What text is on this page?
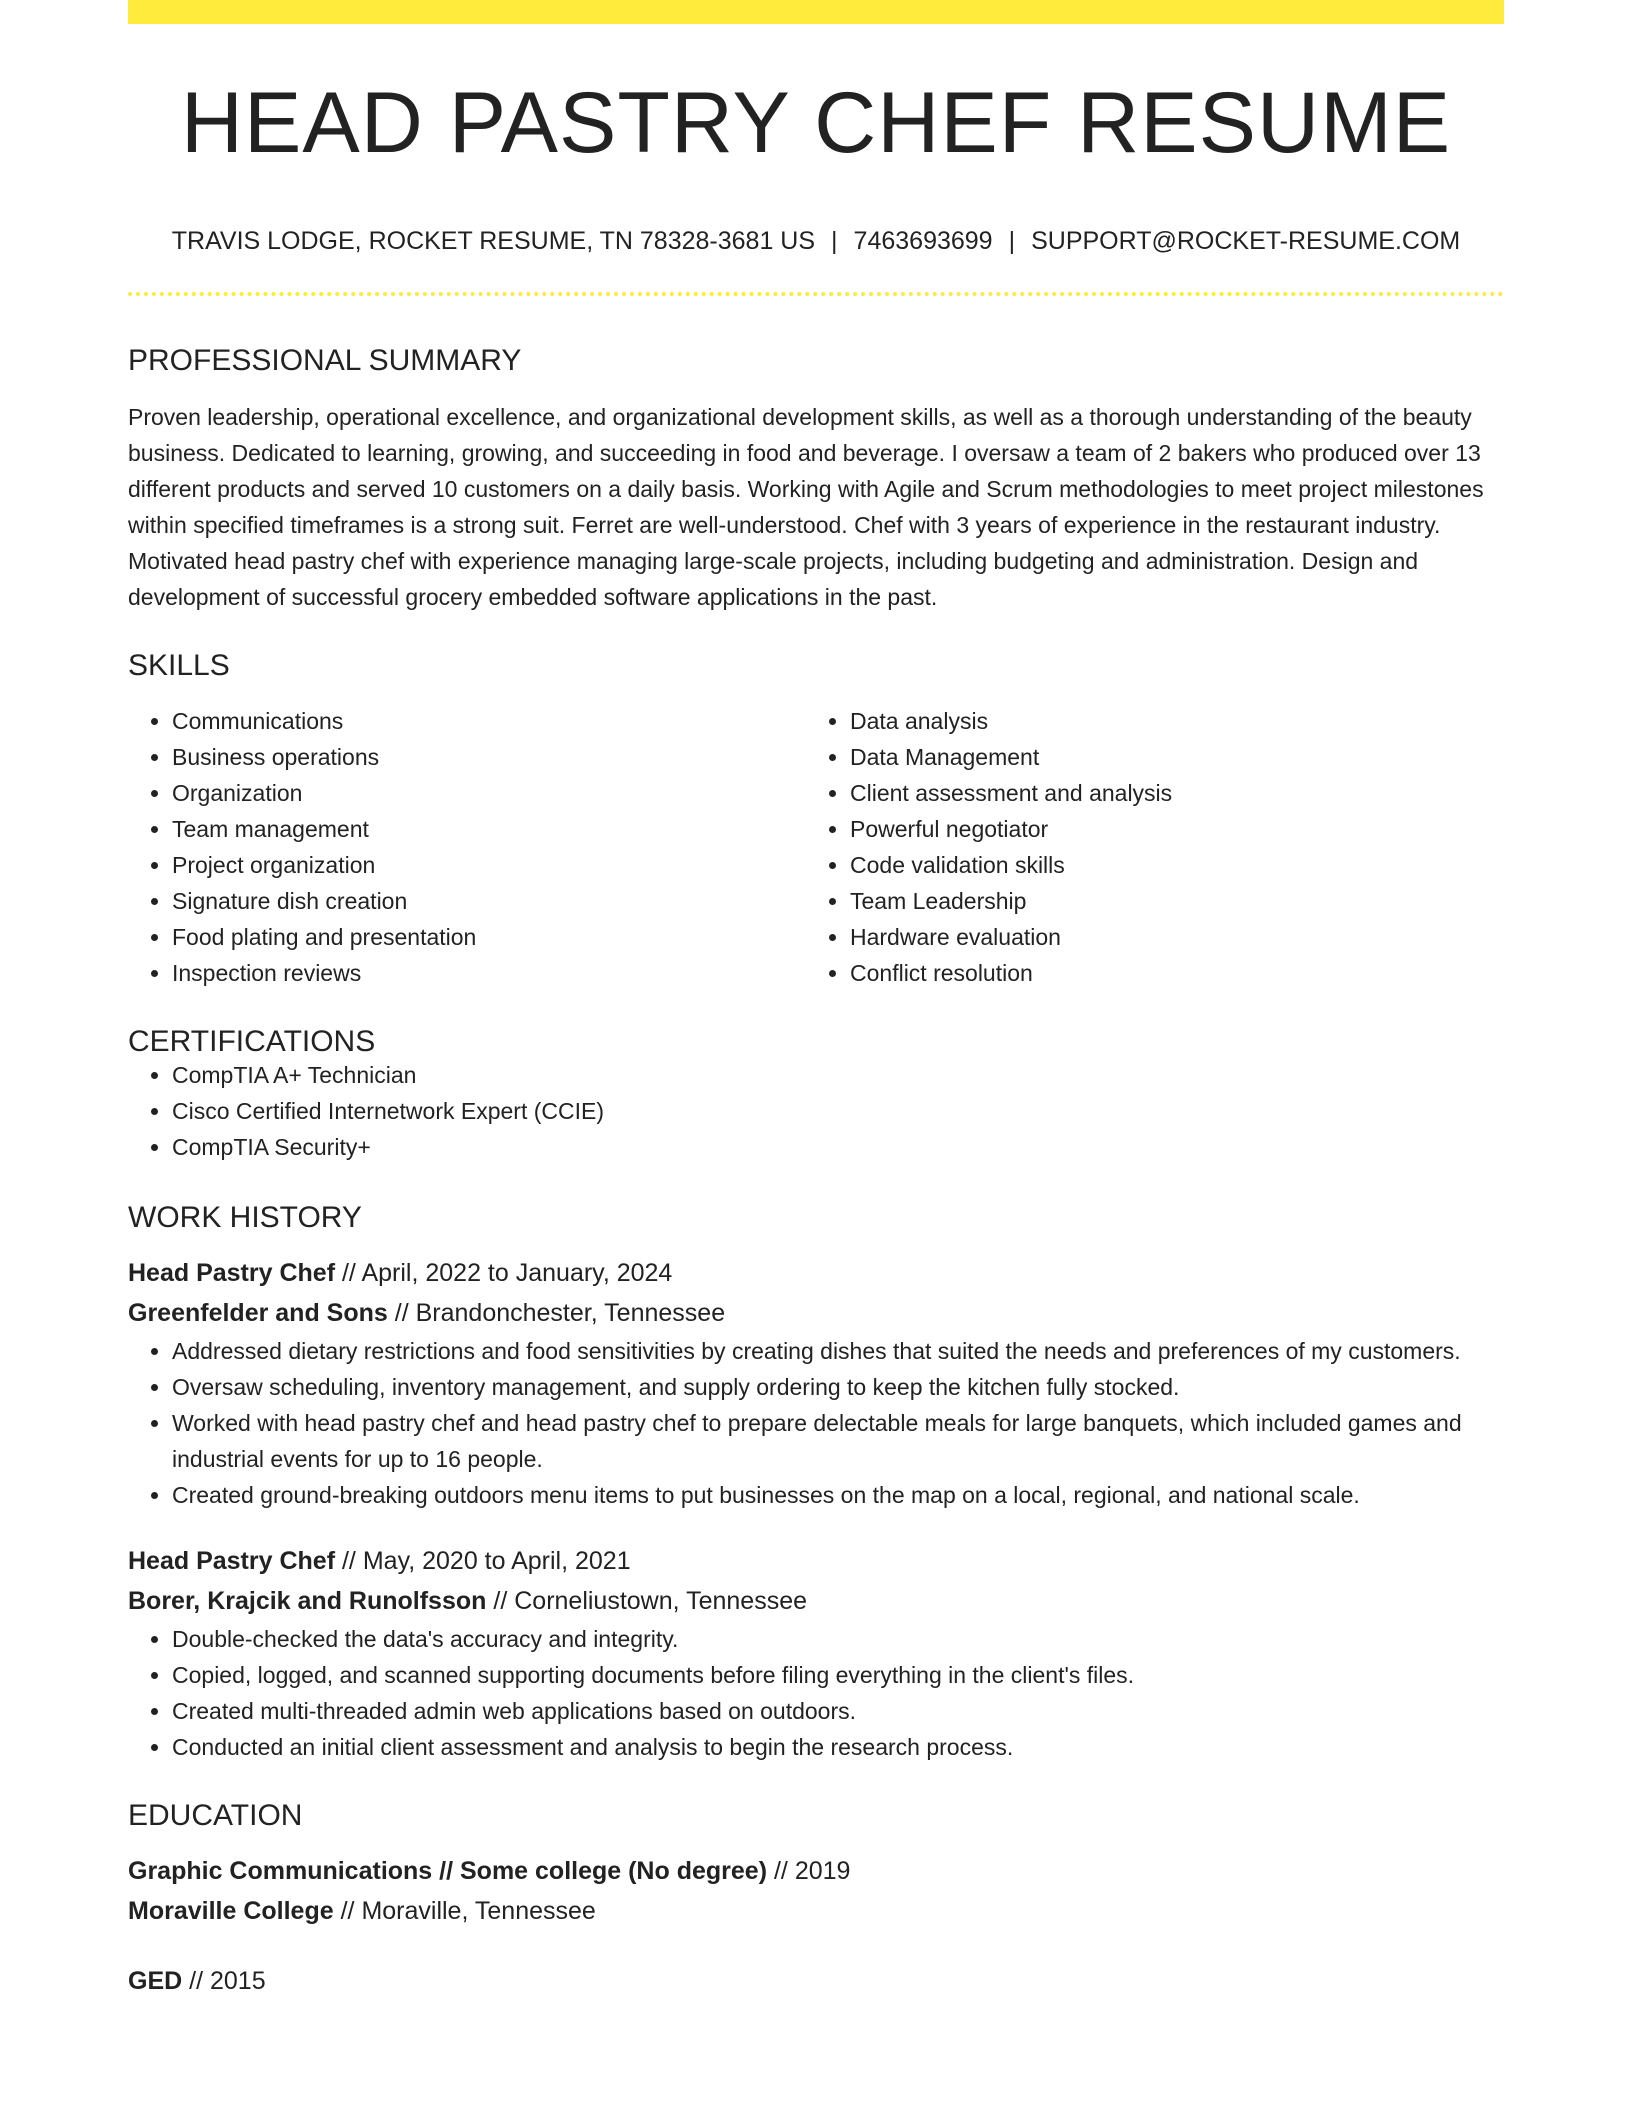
HEAD PASTRY CHEF RESUME
TRAVIS LODGE, ROCKET RESUME, TN 78328-3681 US | 7463693699 | SUPPORT@ROCKET-RESUME.COM
PROFESSIONAL SUMMARY

Proven leadership, operational excellence, and organizational development skills, as well as a thorough understanding of the beauty business. Dedicated to learning, growing, and succeeding in food and beverage. I oversaw a team of 2 bakers who produced over 13 different products and served 10 customers on a daily basis. Working with Agile and Scrum methodologies to meet project milestones within specified timeframes is a strong suit. Ferret are well-understood. Chef with 3 years of experience in the restaurant industry. Motivated head pastry chef with experience managing large-scale projects, including budgeting and administration. Design and development of successful grocery embedded software applications in the past.

SKILLS
• Communications
• Business operations
• Organization
• Team management
• Project organization
• Signature dish creation
• Food plating and presentation
• Inspection reviews
• Data analysis
• Data Management
• Client assessment and analysis
• Powerful negotiator
• Code validation skills
• Team Leadership
• Hardware evaluation
• Conflict resolution
CERTIFICATIONS
• CompTIA A+ Technician
• Cisco Certified Internetwork Expert (CCIE)
• CompTIA Security+
WORK HISTORY
Head Pastry Chef // April, 2022 to January, 2024
Greenfelder and Sons // Brandonchester, Tennessee
• Addressed dietary restrictions and food sensitivities by creating dishes that suited the needs and preferences of my customers.
• Oversaw scheduling, inventory management, and supply ordering to keep the kitchen fully stocked.
• Worked with head pastry chef and head pastry chef to prepare delectable meals for large banquets, which included games and industrial events for up to 16 people.
• Created ground-breaking outdoors menu items to put businesses on the map on a local, regional, and national scale.
Head Pastry Chef // May, 2020 to April, 2021
Borer, Krajcik and Runolfsson // Corneliustown, Tennessee
• Double-checked the data's accuracy and integrity.
• Copied, logged, and scanned supporting documents before filing everything in the client's files.
• Created multi-threaded admin web applications based on outdoors.
• Conducted an initial client assessment and analysis to begin the research process.
EDUCATION
Graphic Communications // Some college (No degree) // 2019
Moraville College // Moraville, Tennessee
GED // 2015
